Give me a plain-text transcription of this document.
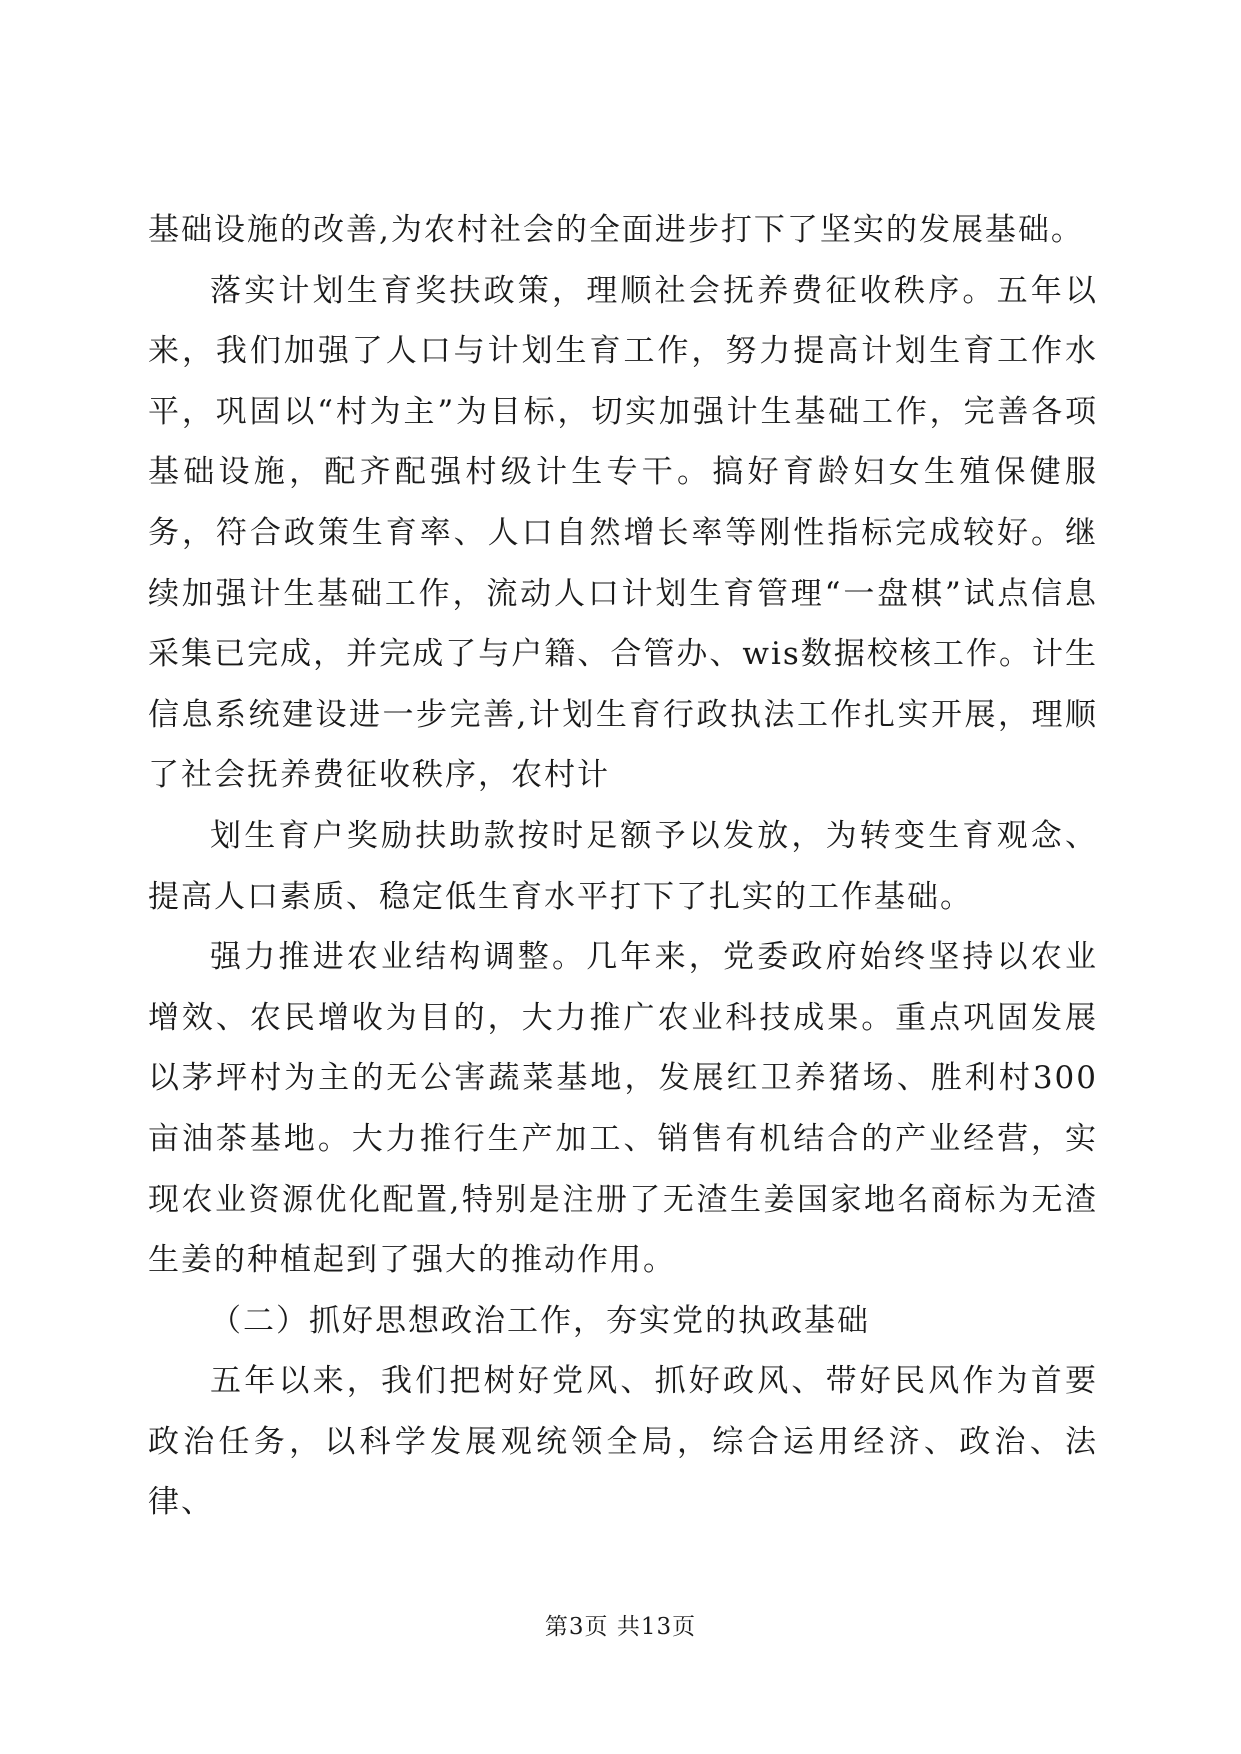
基础设施的改善,为农村社会的全面进步打下了坚实的发展基础。

落实计划生育奖扶政策，理顺社会抚养费征收秩序。五年以来，我们加强了人口与计划生育工作，努力提高计划生育工作水平，巩固以“村为主”为目标，切实加强计生基础工作，完善各项基础设施，配齐配强村级计生专干。搞好育龄妇女生殖保健服务，符合政策生育率、人口自然增长率等刚性指标完成较好。继续加强计生基础工作，流动人口计划生育管理“一盘棋”试点信息采集已完成，并完成了与户籍、合管办、wis数据校核工作。计生信息系统建设进一步完善,计划生育行政执法工作扎实开展，理顺了社会抚养费征收秩序，农村计

划生育户奖励扶助款按时足额予以发放，为转变生育观念、提高人口素质、稳定低生育水平打下了扎实的工作基础。

强力推进农业结构调整。几年来，党委政府始终坚持以农业增效、农民增收为目的，大力推广农业科技成果。重点巩固发展以茅坪村为主的无公害蔬菜基地，发展红卫养猪场、胜利村300亩油茶基地。大力推行生产加工、销售有机结合的产业经营，实现农业资源优化配置,特别是注册了无渣生姜国家地名商标为无渣生姜的种植起到了强大的推动作用。

（二）抓好思想政治工作，夯实党的执政基础

五年以来，我们把树好党风、抓好政风、带好民风作为首要政治任务，以科学发展观统领全局，综合运用经济、政治、法律、

第3页 共13页
